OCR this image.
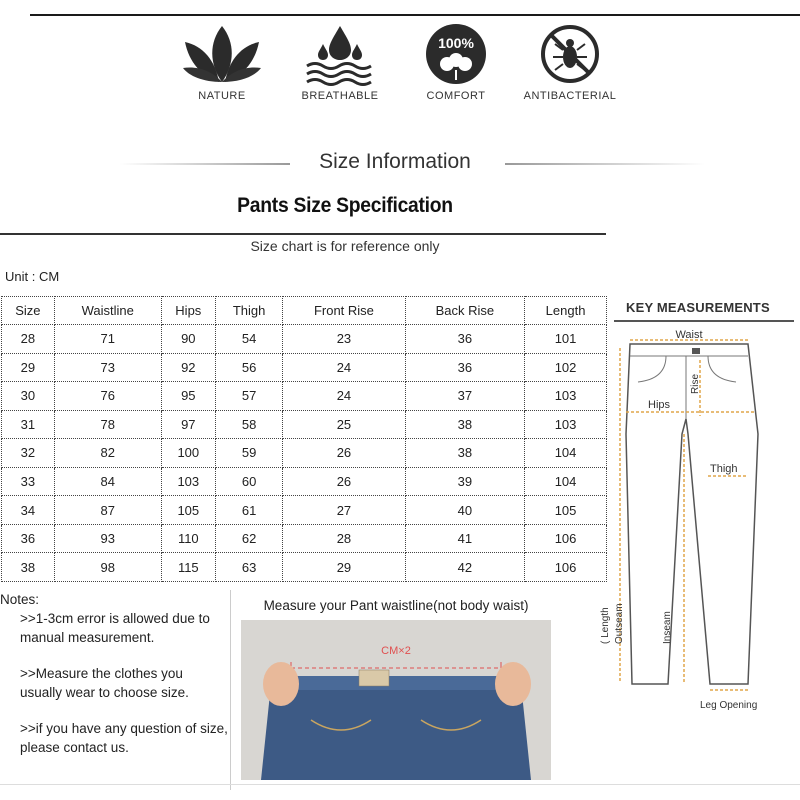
NATURE	BREATHABLE
100%
COMFORT	ANTIBACTERIAL
Size Information
Pants Size Specification
Size chart is for reference only
Unit : CM
Size	Waistline	Hips	Thigh	Front Rise	Back Rise	Length
28	71	90	54	23	36	101
29	73	92	56	24	36	102
30	76	95	57	24	37	103
31	78	97	58	25	38	103
32	82	100	59	26	38	104
33	84	103	60	26	39	104
34	87	105	61	27	40	105
36	93	110	62	28	41	106
38	98	115	63	29	42	106
KEY MEASUREMENTS
Waist
Hips
Thigh
Rise
( Length Outseam	Inseam
Leg Opening

Notes:

>>1-3cm error is allowed due to manual measurement.

>>Measure the clothes you usually wear to choose size.

>>if you have any question of size, please contact us.

Measure your Pant waistline(not body waist)
CM×2
